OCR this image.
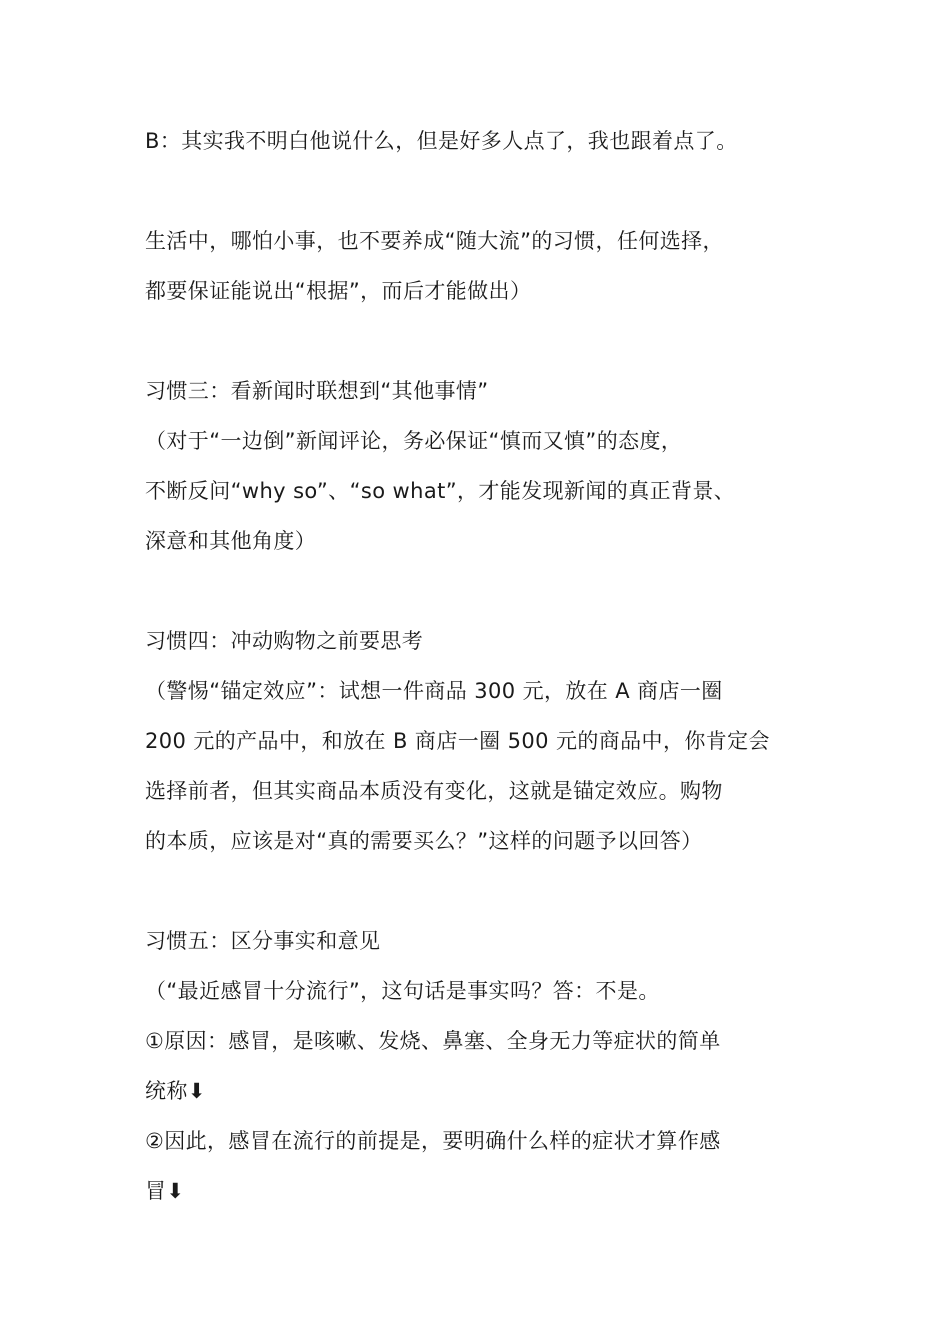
B：其实我不明白他说什么，但是好多人点了，我也跟着点了。
生活中，哪怕小事，也不要养成“随大流”的习惯，任何选择，
都要保证能说出“根据”，而后才能做出）
习惯三：看新闻时联想到“其他事情”
（对于“一边倒”新闻评论，务必保证“慎而又慎”的态度，
不断反问“why so”、“so what”，才能发现新闻的真正背景、
深意和其他角度）
习惯四：冲动购物之前要思考
（警惕“锚定效应”：试想一件商品 300 元，放在 A 商店一圈
200 元的产品中，和放在 B 商店一圈 500 元的商品中，你肯定会
选择前者，但其实商品本质没有变化，这就是锚定效应。购物
的本质，应该是对“真的需要买么？”这样的问题予以回答）
习惯五：区分事实和意见
（“最近感冒十分流行”，这句话是事实吗？答：不是。
①原因：感冒，是咳嗽、发烧、鼻塞、全身无力等症状的简单
统称⬇
②因此，感冒在流行的前提是，要明确什么样的症状才算作感
冒⬇
